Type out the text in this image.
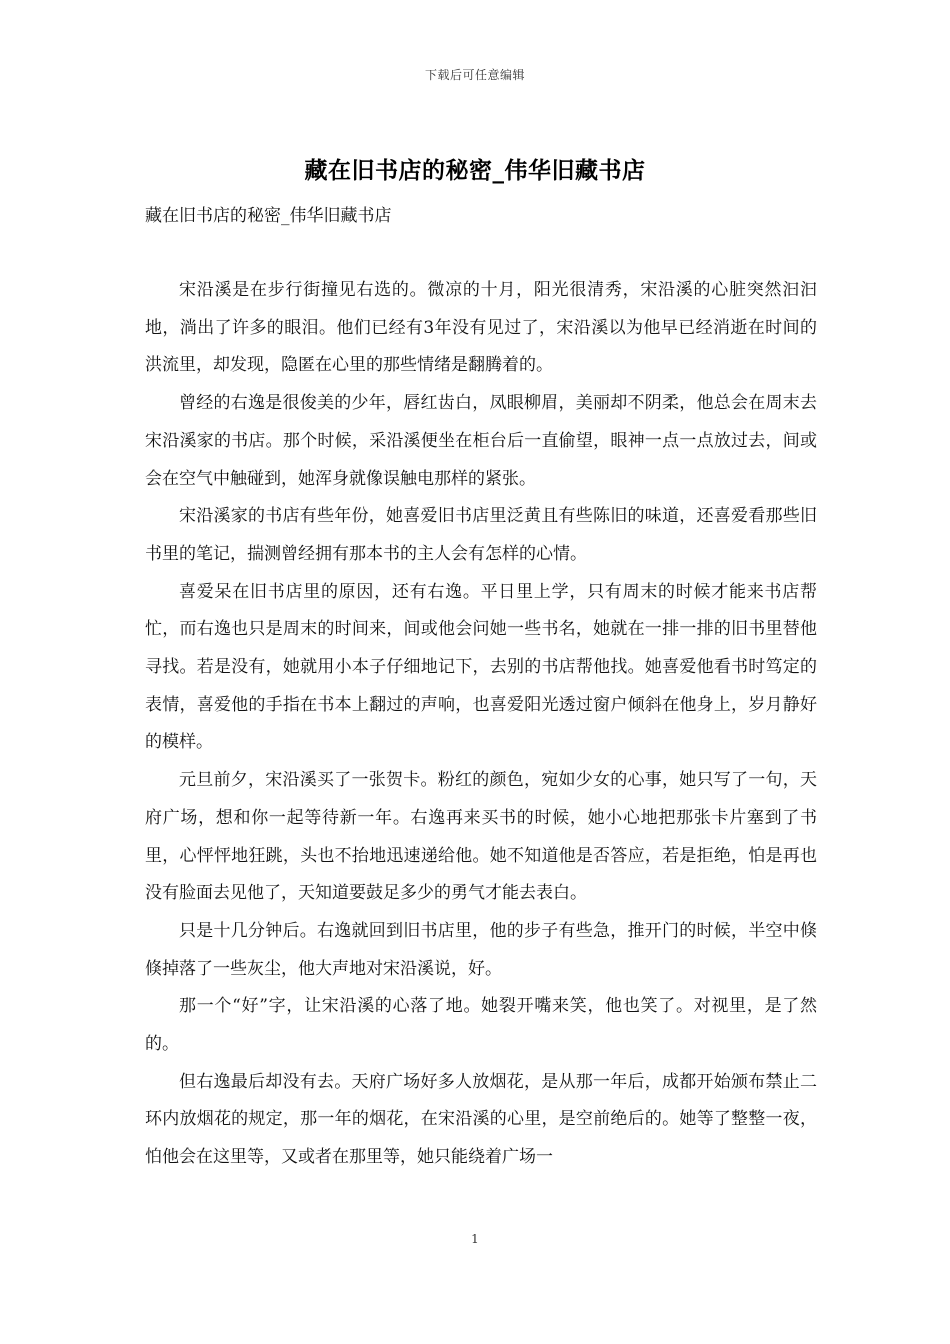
下载后可任意编辑
藏在旧书店的秘密_伟华旧藏书店
藏在旧书店的秘密_伟华旧藏书店

宋沿溪是在步行街撞见右选的。微凉的十月，阳光很清秀，宋沿溪的心脏突然汩汩地，淌出了许多的眼泪。他们已经有3年没有见过了，宋沿溪以为他早已经消逝在时间的洪流里，却发现，隐匿在心里的那些情绪是翻腾着的。

曾经的右逸是很俊美的少年，唇红齿白，凤眼柳眉，美丽却不阴柔，他总会在周末去宋沿溪家的书店。那个时候，采沿溪便坐在柜台后一直偷望，眼神一点一点放过去，间或会在空气中触碰到，她浑身就像误触电那样的紧张。

宋沿溪家的书店有些年份，她喜爱旧书店里泛黄且有些陈旧的味道，还喜爱看那些旧书里的笔记，揣测曾经拥有那本书的主人会有怎样的心情。

喜爱呆在旧书店里的原因，还有右逸。平日里上学，只有周末的时候才能来书店帮忙，而右逸也只是周末的时间来，间或他会问她一些书名，她就在一排一排的旧书里替他寻找。若是没有，她就用小本子仔细地记下，去别的书店帮他找。她喜爱他看书时笃定的表情，喜爱他的手指在书本上翻过的声响，也喜爱阳光透过窗户倾斜在他身上，岁月静好的模样。

元旦前夕，宋沿溪买了一张贺卡。粉红的颜色，宛如少女的心事，她只写了一句，天府广场，想和你一起等待新一年。右逸再来买书的时候，她小心地把那张卡片塞到了书里，心怦怦地狂跳，头也不抬地迅速递给他。她不知道他是否答应，若是拒绝，怕是再也没有脸面去见他了，天知道要鼓足多少的勇气才能去表白。

只是十几分钟后。右逸就回到旧书店里，他的步子有些急，推开门的时候，半空中倏倏掉落了一些灰尘，他大声地对宋沿溪说，好。

那一个“好”字，让宋沿溪的心落了地。她裂开嘴来笑，他也笑了。对视里，是了然的。

但右逸最后却没有去。天府广场好多人放烟花，是从那一年后，成都开始颁布禁止二环内放烟花的规定，那一年的烟花，在宋沿溪的心里，是空前绝后的。她等了整整一夜，怕他会在这里等，又或者在那里等，她只能绕着广场一

1
